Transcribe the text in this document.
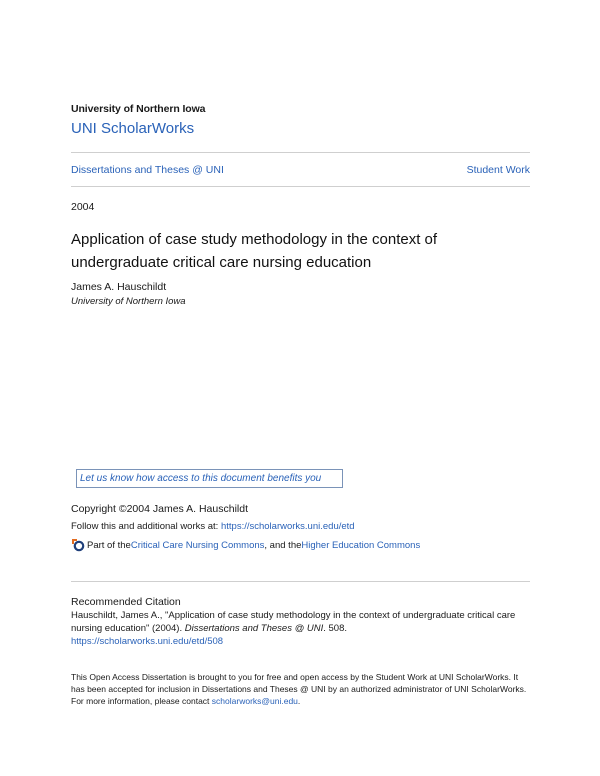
University of Northern Iowa
UNI ScholarWorks
Dissertations and Theses @ UNI	Student Work
2004
Application of case study methodology in the context of undergraduate critical care nursing education
James A. Hauschildt
University of Northern Iowa
Let us know how access to this document benefits you
Copyright ©2004 James A. Hauschildt
Follow this and additional works at: https://scholarworks.uni.edu/etd
Part of the Critical Care Nursing Commons , and the Higher Education Commons
Recommended Citation
Hauschildt, James A., "Application of case study methodology in the context of undergraduate critical care nursing education" (2004). Dissertations and Theses @ UNI. 508.
https://scholarworks.uni.edu/etd/508
This Open Access Dissertation is brought to you for free and open access by the Student Work at UNI ScholarWorks. It has been accepted for inclusion in Dissertations and Theses @ UNI by an authorized administrator of UNI ScholarWorks. For more information, please contact scholarworks@uni.edu.
